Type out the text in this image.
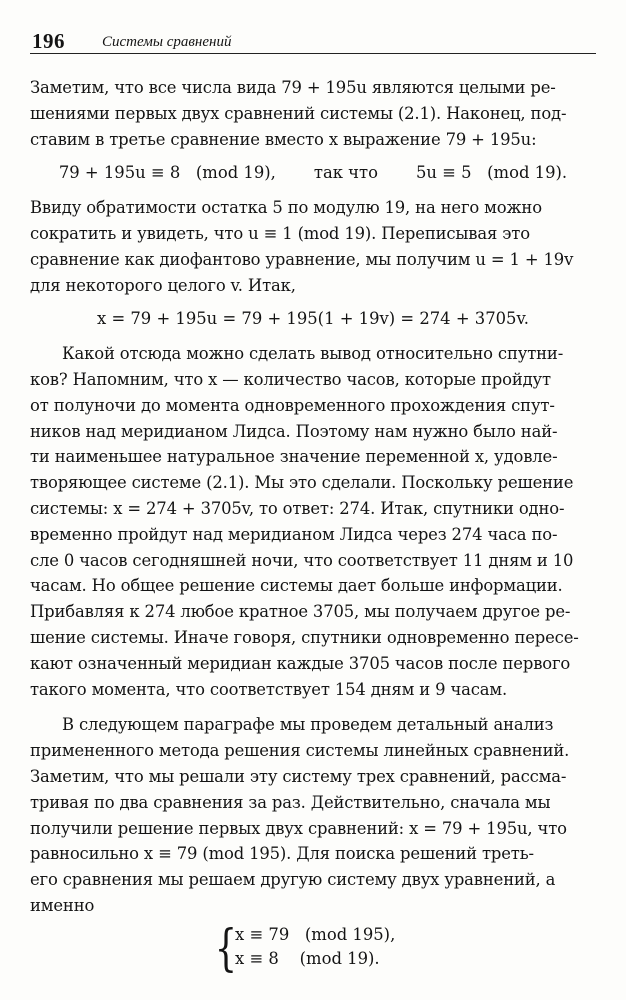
196 Системы сравнений
Заметим, что все числа вида 79 + 195u являются целыми ре-
шениями первых двух сравнений системы (2.1). Наконец, под-
ставим в третье сравнение вместо x выражение 79 + 195u:
79 + 195u ≡ 8   (mod 19), так что 5u ≡ 5   (mod 19).
Ввиду обратимости остатка 5 по модулю 19, на него можно
сократить и увидеть, что u ≡ 1 (mod 19). Переписывая это
сравнение как диофантово уравнение, мы получим u = 1 + 19v
для некоторого целого v. Итак,
x = 79 + 195u = 79 + 195(1 + 19v) = 274 + 3705v.
Какой отсюда можно сделать вывод относительно спутни-
ков? Напомним, что x — количество часов, которые пройдут
от полуночи до момента одновременного прохождения спут-
ников над меридианом Лидса. Поэтому нам нужно было най-
ти наименьшее натуральное значение переменной x, удовле-
творяющее системе (2.1). Мы это сделали. Поскольку решение
системы: x = 274 + 3705v, то ответ: 274. Итак, спутники одно-
временно пройдут над меридианом Лидса через 274 часа по-
сле 0 часов сегодняшней ночи, что соответствует 11 дням и 10
часам. Но общее решение системы дает больше информации.
Прибавляя к 274 любое кратное 3705, мы получаем другое ре-
шение системы. Иначе говоря, спутники одновременно пересе-
кают означенный меридиан каждые 3705 часов после первого
такого момента, что соответствует 154 дням и 9 часам.
В следующем параграфе мы проведем детальный анализ
примененного метода решения системы линейных сравнений.
Заметим, что мы решали эту систему трех сравнений, рассма-
тривая по два сравнения за раз. Действительно, сначала мы
получили решение первых двух сравнений: x = 79 + 195u, что
равносильно x ≡ 79 (mod 195). Для поиска решений треть-
его сравнения мы решаем другую систему двух уравнений, а
именно
{
x ≡ 79   (mod 195),
x ≡ 8    (mod 19).
